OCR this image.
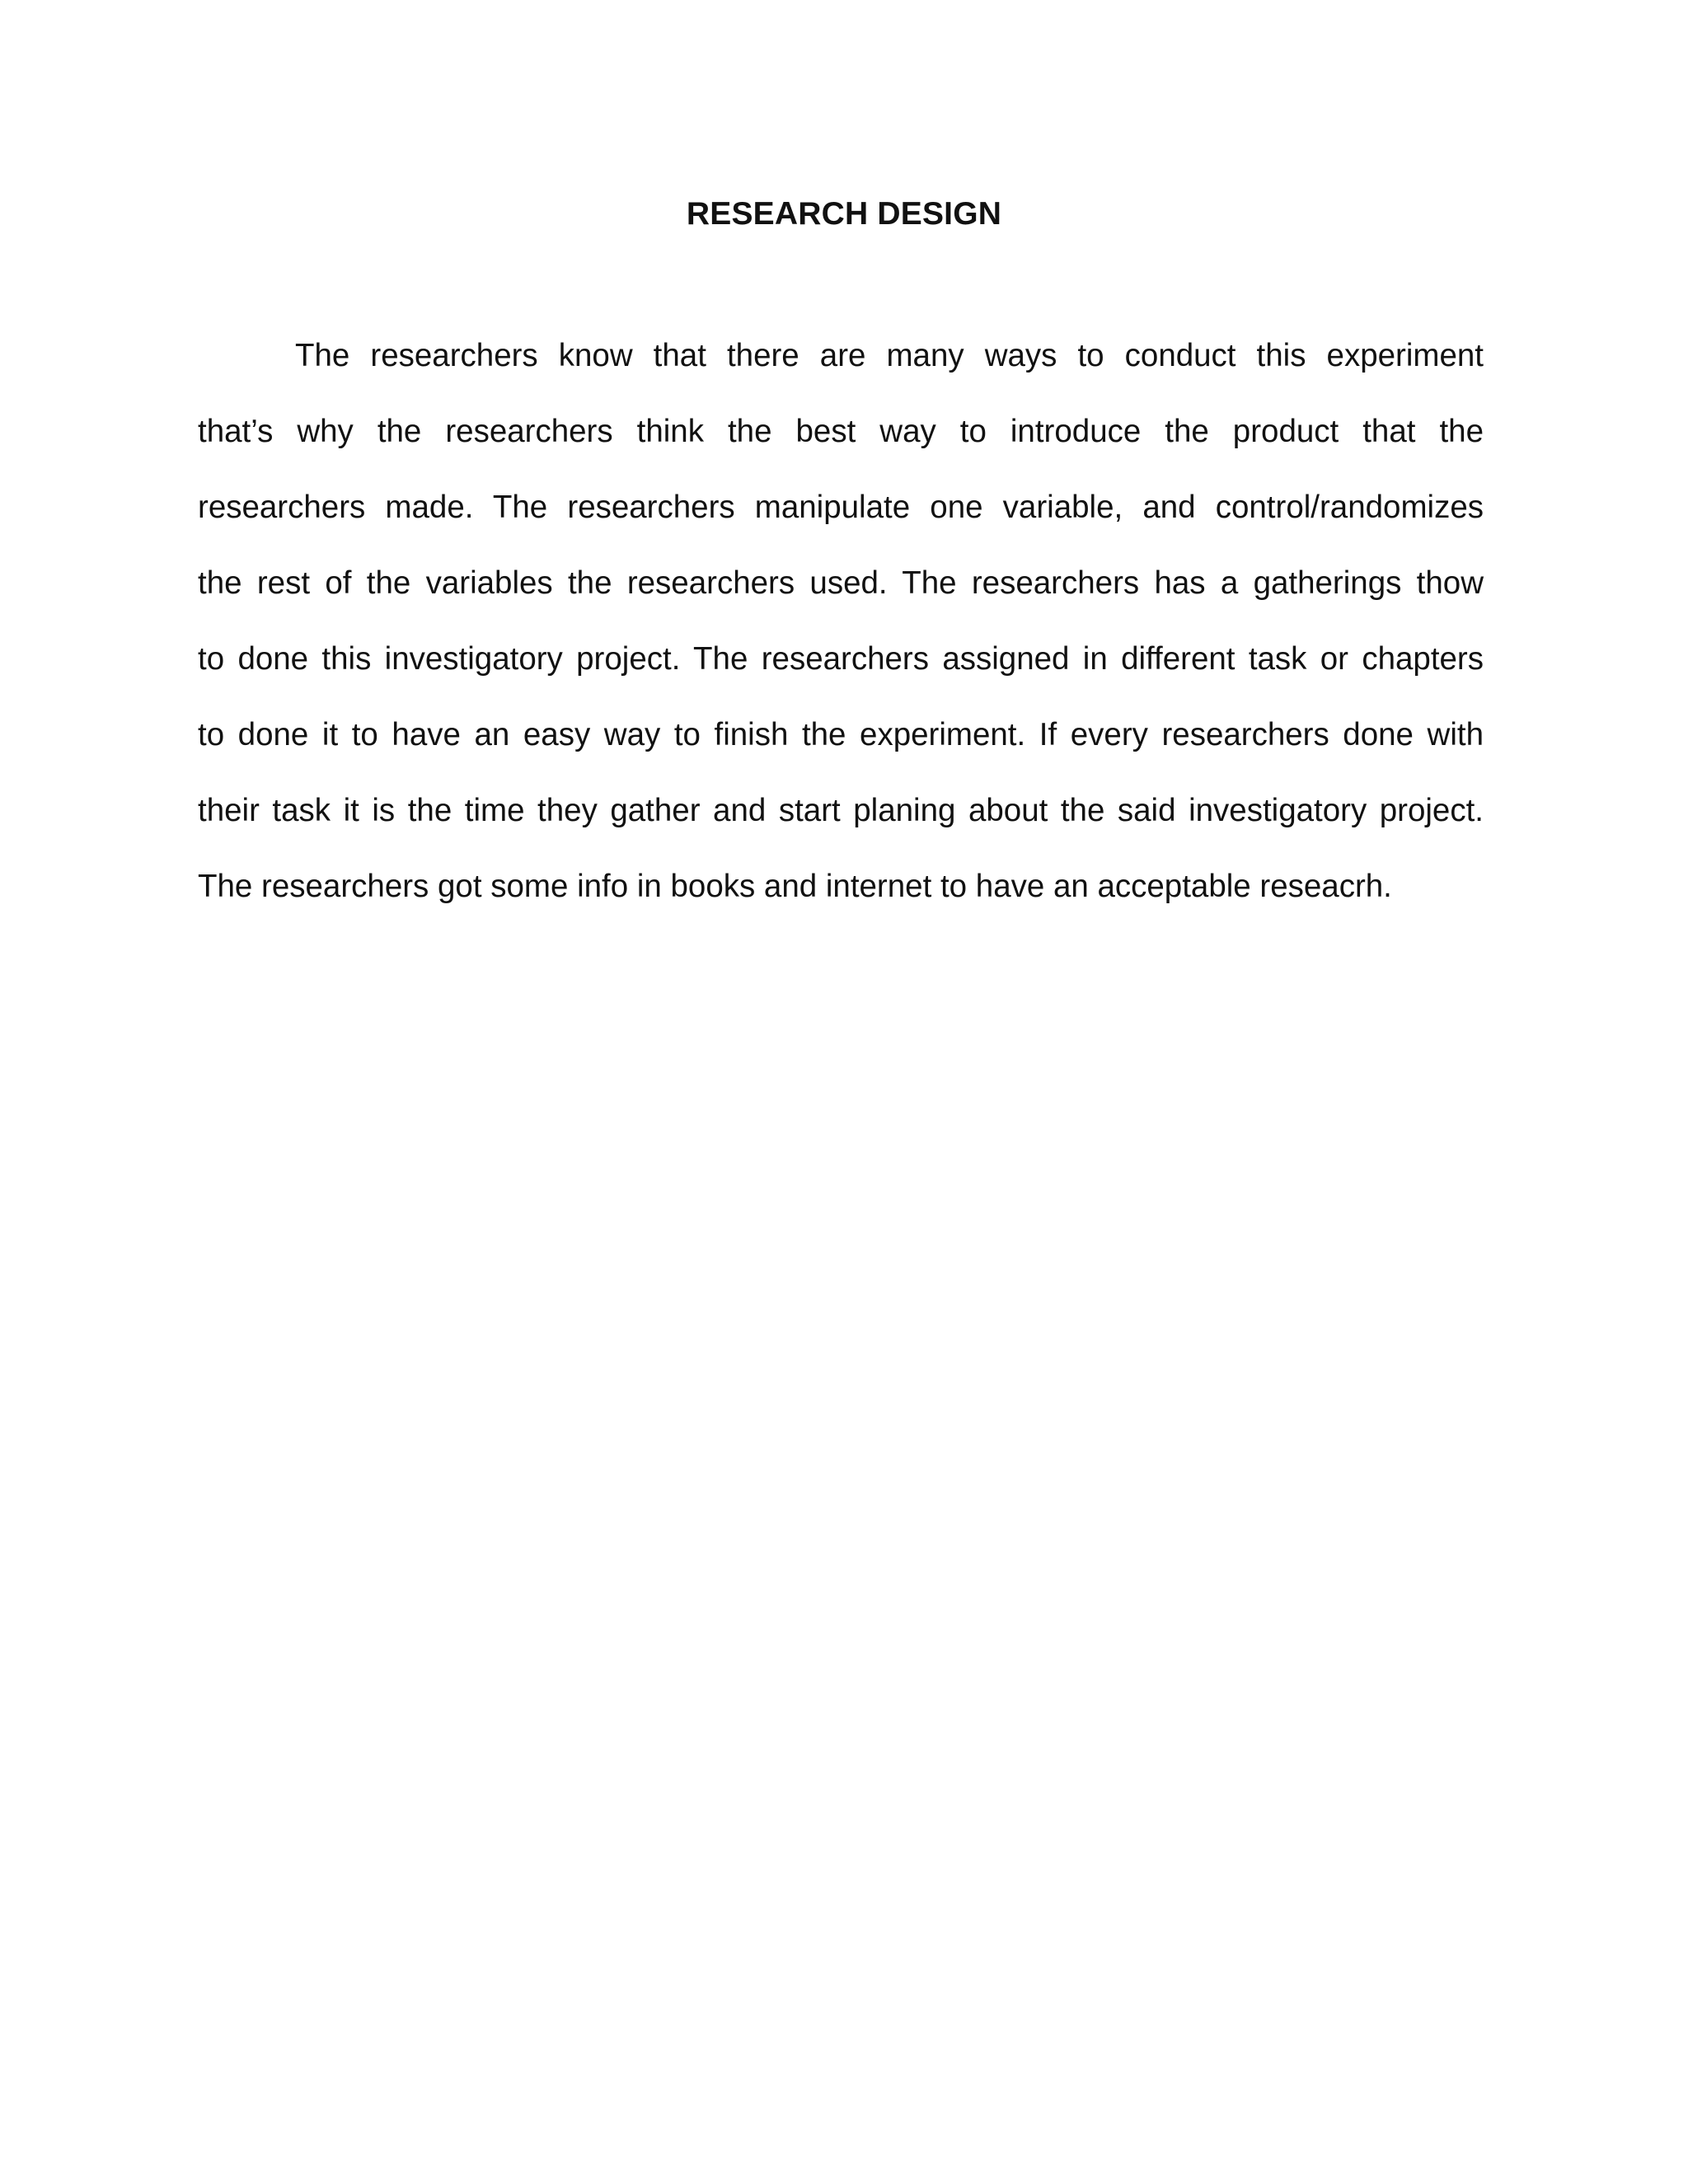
RESEARCH DESIGN
The researchers know that there are many ways to conduct this experiment
that’s why the researchers think the best way to introduce the product that the
researchers made. The researchers manipulate one variable, and control/randomizes
the rest of the variables the researchers used. The researchers has a gatherings thow
to done this investigatory project. The researchers assigned in different task or chapters
to done it to have an easy way to finish the experiment. If every researchers done with
their task it is the time they gather and start planing about the said investigatory project.
The researchers got some info in books and internet to have an acceptable reseacrh.
